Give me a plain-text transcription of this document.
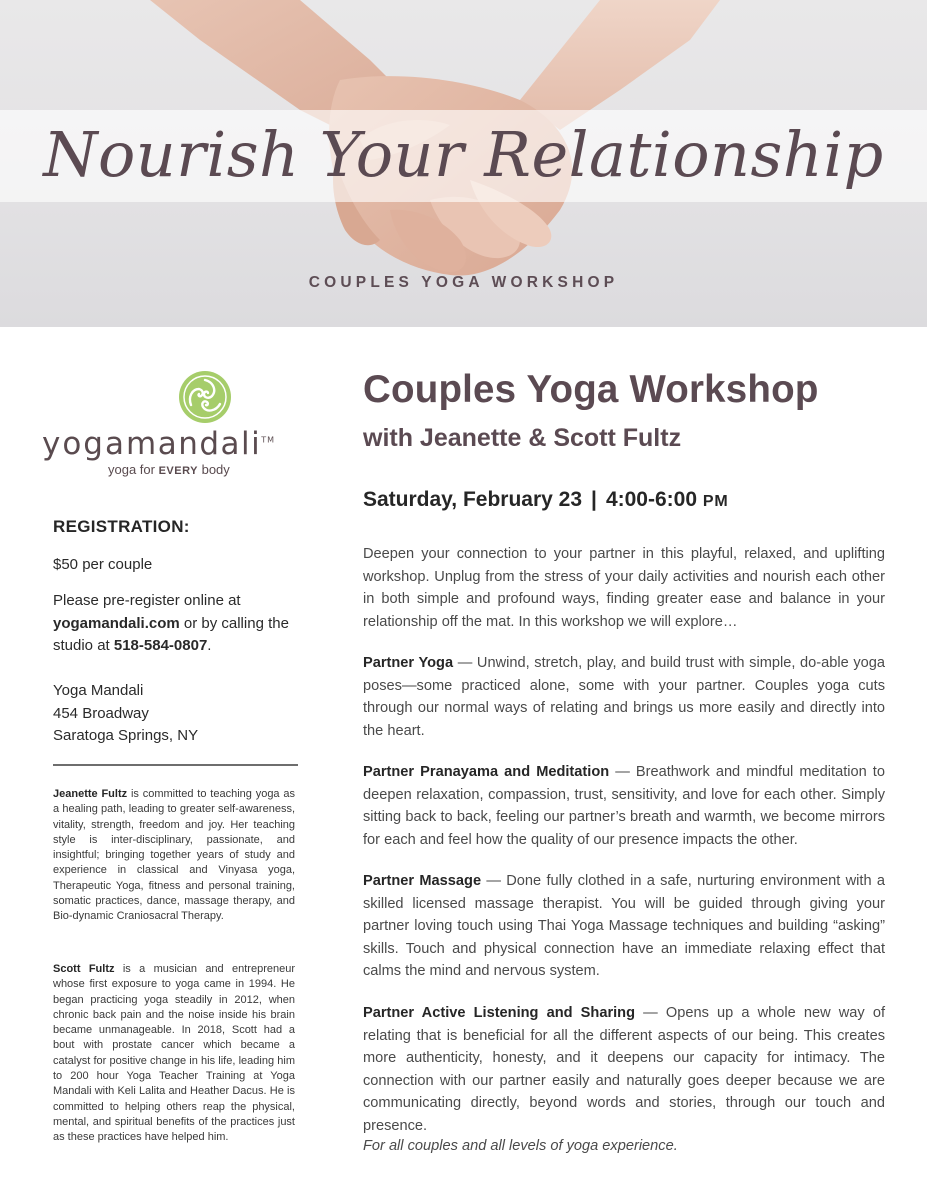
Nourish Your Relationship
COUPLES YOGA WORKSHOP
yogamandali™
yoga for EVERY body
REGISTRATION:
$50 per couple
Please pre-register online at yogamandali.com or by calling the studio at 518-584-0807.
Yoga Mandali
454 Broadway
Saratoga Springs, NY
Jeanette Fultz is committed to teaching yoga as a healing path, leading to greater self-awareness, vitality, strength, freedom and joy. Her teaching style is inter-disciplinary, passionate, and insightful; bringing together years of study and experience in classical and Vinyasa yoga, Therapeutic Yoga, fitness and personal training, somatic practices, dance, massage therapy, and Bio-dynamic Craniosacral Therapy.
Scott Fultz is a musician and entrepreneur whose first exposure to yoga came in 1994. He began practicing yoga steadily in 2012, when chronic back pain and the noise inside his brain became unmanageable. In 2018, Scott had a bout with prostate cancer which became a catalyst for positive change in his life, leading him to 200 hour Yoga Teacher Training at Yoga Mandali with Keli Lalita and Heather Dacus. He is committed to helping others reap the physical, mental, and spiritual benefits of the practices just as these practices have helped him.
Couples Yoga Workshop
with Jeanette & Scott Fultz
Saturday, February 23 | 4:00-6:00 PM
Deepen your connection to your partner in this playful, relaxed, and uplifting workshop. Unplug from the stress of your daily activities and nourish each other in both simple and profound ways, finding greater ease and balance in your relationship off the mat. In this workshop we will explore…
Partner Yoga — Unwind, stretch, play, and build trust with simple, do-able yoga poses—some practiced alone, some with your partner. Couples yoga cuts through our normal ways of relating and brings us more easily and directly into the heart.
Partner Pranayama and Meditation — Breathwork and mindful meditation to deepen relaxation, compassion, trust, sensitivity, and love for each other. Simply sitting back to back, feeling our partner’s breath and warmth, we become mirrors for each and feel how the quality of our presence impacts the other.
Partner Massage — Done fully clothed in a safe, nurturing environment with a skilled licensed massage therapist. You will be guided through giving your partner loving touch using Thai Yoga Massage techniques and building “asking” skills. Touch and physical connection have an immediate relaxing effect that calms the mind and nervous system.
Partner Active Listening and Sharing — Opens up a whole new way of relating that is beneficial for all the different aspects of our being. This creates more authenticity, honesty, and it deepens our capacity for intimacy. The connection with our partner easily and naturally goes deeper because we are communicating directly, beyond words and stories, through our touch and presence.
For all couples and all levels of yoga experience.
